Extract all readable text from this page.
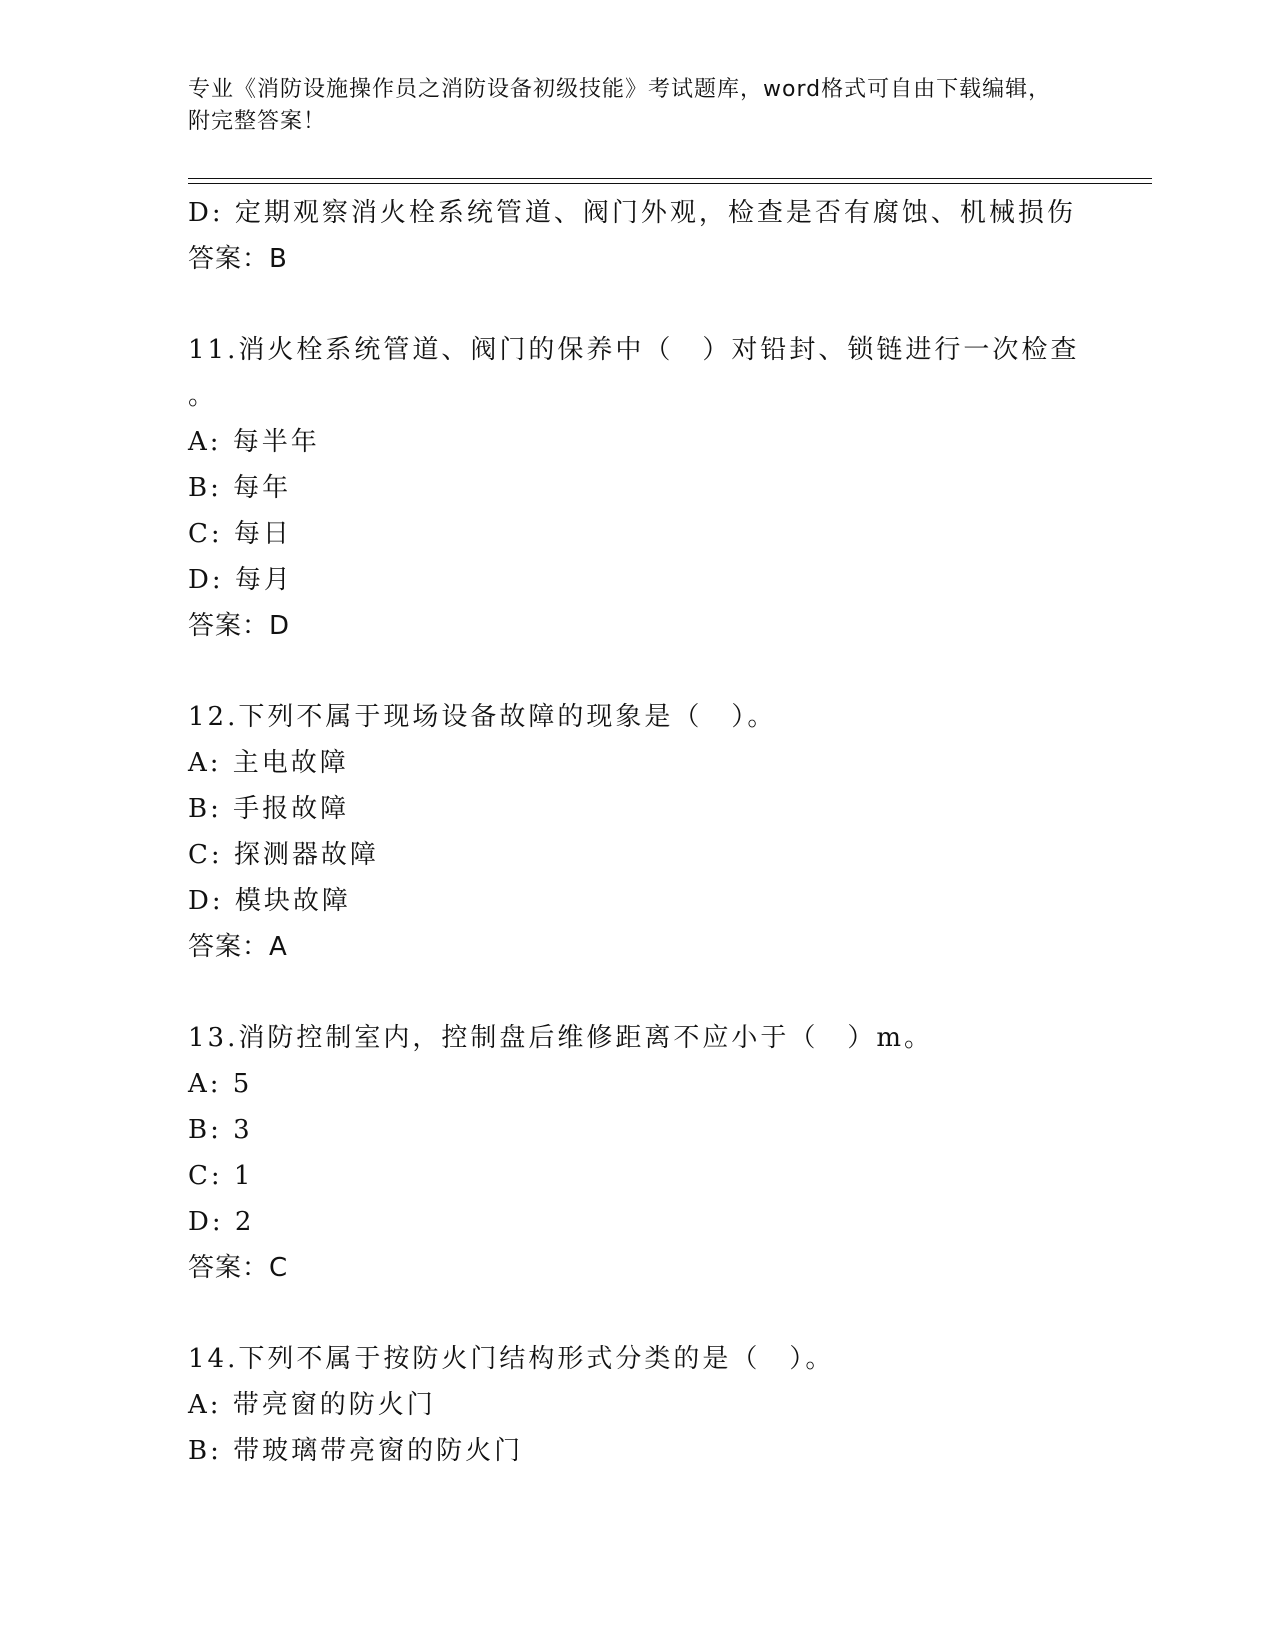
专业《消防设施操作员之消防设备初级技能》考试题库，word格式可自由下载编辑，附完整答案！
D: 定期观察消火栓系统管道、阀门外观，检查是否有腐蚀、机械损伤
答案：B
11.消火栓系统管道、阀门的保养中（　）对铅封、锁链进行一次检查
。
A: 每半年
B: 每年
C: 每日
D: 每月
答案：D
12.下列不属于现场设备故障的现象是（　）。
A: 主电故障
B: 手报故障
C: 探测器故障
D: 模块故障
答案：A
13.消防控制室内，控制盘后维修距离不应小于（　）m。
A: 5
B: 3
C: 1
D: 2
答案：C
14.下列不属于按防火门结构形式分类的是（　）。
A: 带亮窗的防火门
B: 带玻璃带亮窗的防火门
